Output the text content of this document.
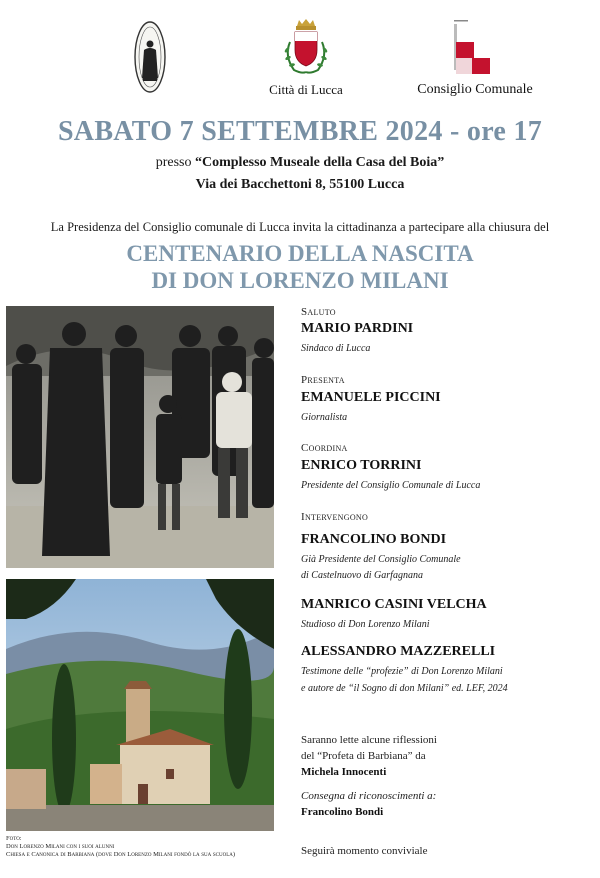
Città di Lucca	Consiglio Comunale
SABATO 7 SETTEMBRE 2024 - ore 17
presso “Complesso Museale della Casa del Boia”
Via dei Bacchettoni 8, 55100 Lucca
La Presidenza del Consiglio comunale di Lucca invita la cittadinanza a partecipare alla chiusura del
CENTENARIO DELLA NASCITA
DI DON LORENZO MILANI
Foto:
Don Lorenzo Milani con i suoi alunni
Chiesa e Canonica di Barbiana (dove Don Lorenzo Milani fondò la sua scuola)
Saluto
MARIO PARDINI
Sindaco di Lucca
Presenta
EMANUELE PICCINI
Giornalista
Coordina
ENRICO TORRINI
Presidente del Consiglio Comunale di Lucca
Intervengono
FRANCOLINO BONDI
Già Presidente del Consiglio Comunale
di Castelnuovo di Garfagnana
MANRICO CASINI VELCHA
Studioso di Don Lorenzo Milani
ALESSANDRO MAZZERELLI
Testimone delle “profezie” di Don Lorenzo Milani
e autore de “il Sogno di don Milani” ed. LEF, 2024
Saranno lette alcune riflessioni
del “Profeta di Barbiana” da
Michela Innocenti
Consegna di riconoscimenti a:
Francolino Bondi
Seguirà momento conviviale
